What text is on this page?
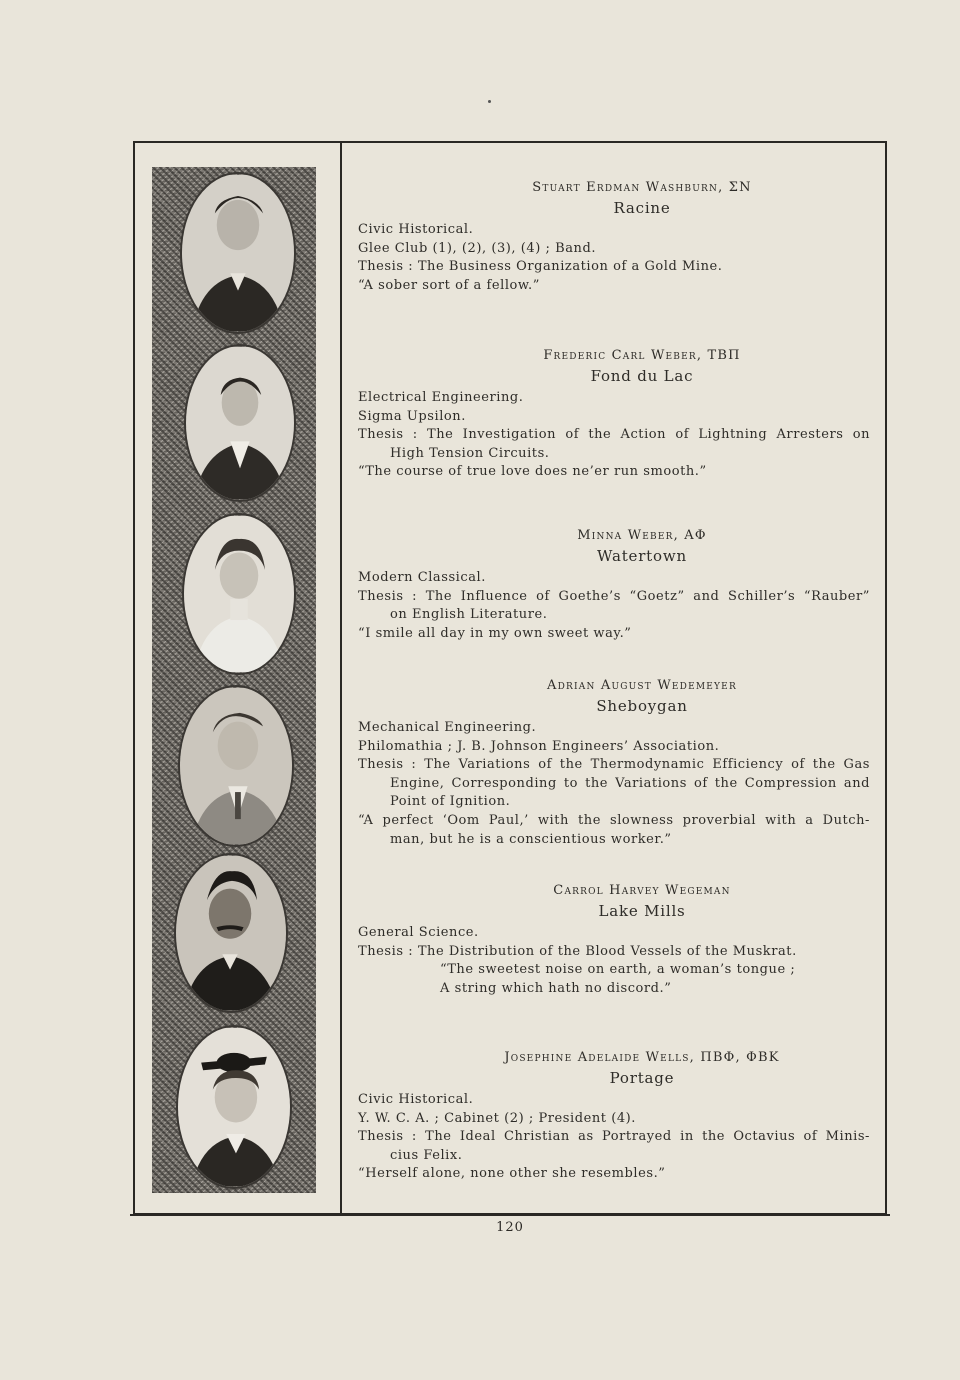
Stuart Erdman Washburn, ΣN
Racine
Civic Historical.
Glee Club (1), (2), (3), (4) ; Band.
Thesis : The Business Organization of a Gold Mine.
“A sober sort of a fellow.”
Frederic Carl Weber, TBΠ
Fond du Lac
Electrical Engineering.
Sigma Upsilon.
Thesis : The Investigation of the Action of Lightning Arresters on
High Tension Circuits.
“The course of true love does ne’er run smooth.”
Minna Weber, AΦ
Watertown
Modern Classical.
Thesis : The Influence of Goethe’s “Goetz” and Schiller’s “Rauber”
on English Literature.
“I smile all day in my own sweet way.”
Adrian August Wedemeyer
Sheboygan
Mechanical Engineering.
Philomathia ; J. B. Johnson Engineers’ Association.
Thesis : The Variations of the Thermodynamic Efficiency of the Gas
Engine, Corresponding to the Variations of the Compression and
Point of Ignition.
“A perfect ‘Oom Paul,’ with the slowness proverbial with a Dutch-
man, but he is a conscientious worker.”
Carrol Harvey Wegeman
Lake Mills
General Science.
Thesis : The Distribution of the Blood Vessels of the Muskrat.
“The sweetest noise on earth, a woman’s tongue ;
A string which hath no discord.”
Josephine Adelaide Wells, ΠBΦ, ΦBK
Portage
Civic Historical.
Y. W. C. A. ; Cabinet (2) ; President (4).
Thesis : The Ideal Christian as Portrayed in the Octavius of Minis-
cius Felix.
“Herself alone, none other she resembles.”
120
